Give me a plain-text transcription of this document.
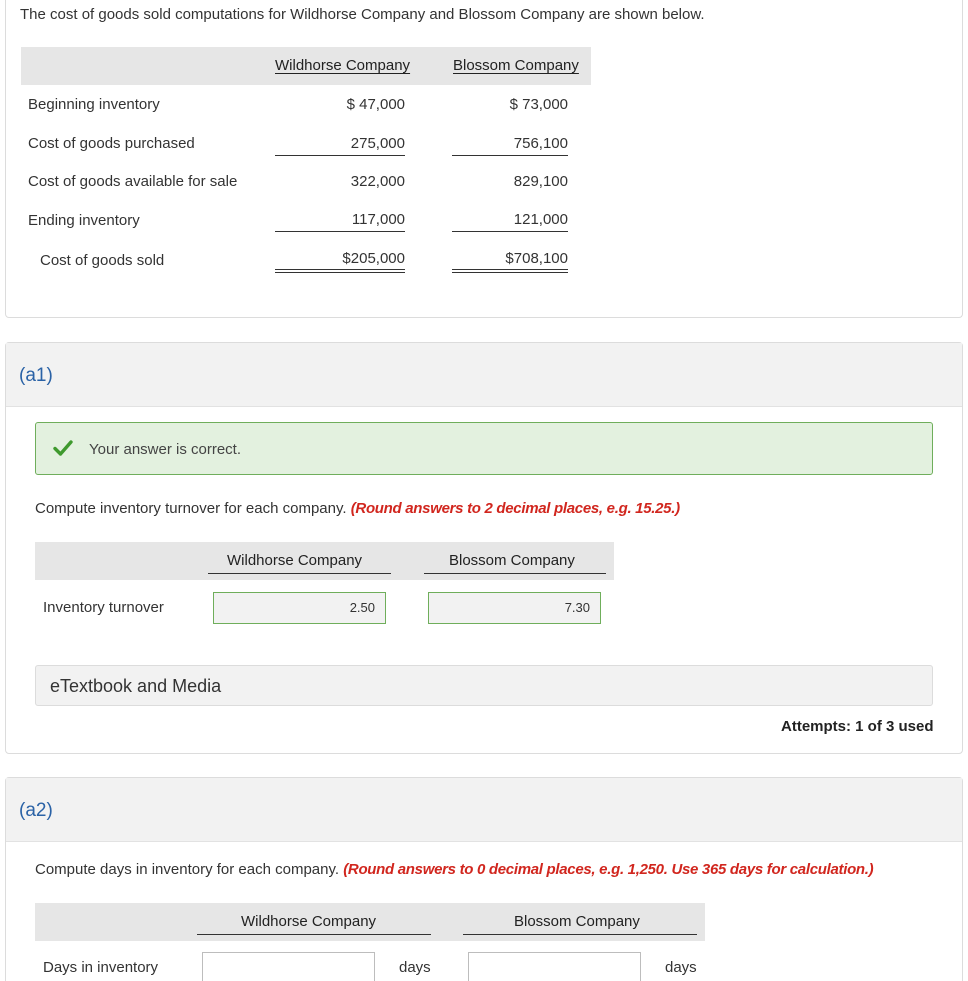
The cost of goods sold computations for Wildhorse Company and Blossom Company are shown below.
Wildhorse Company	Blossom Company
Beginning inventory	$ 47,000	$ 73,000
Cost of goods purchased	275,000	756,100
Cost of goods available for sale	322,000	829,100
Ending inventory	117,000	121,000
Cost of goods sold	$205,000	$708,100
(a1)
Your answer is correct.
Compute inventory turnover for each company. (Round answers to 2 decimal places, e.g. 15.25.)
Wildhorse Company	Blossom Company
Inventory turnover	2.50	7.30
eTextbook and Media
Attempts: 1 of 3 used
(a2)
Compute days in inventory for each company. (Round answers to 0 decimal places, e.g. 1,250. Use 365 days for calculation.)
Wildhorse Company	Blossom Company
Days in inventory	days	days
